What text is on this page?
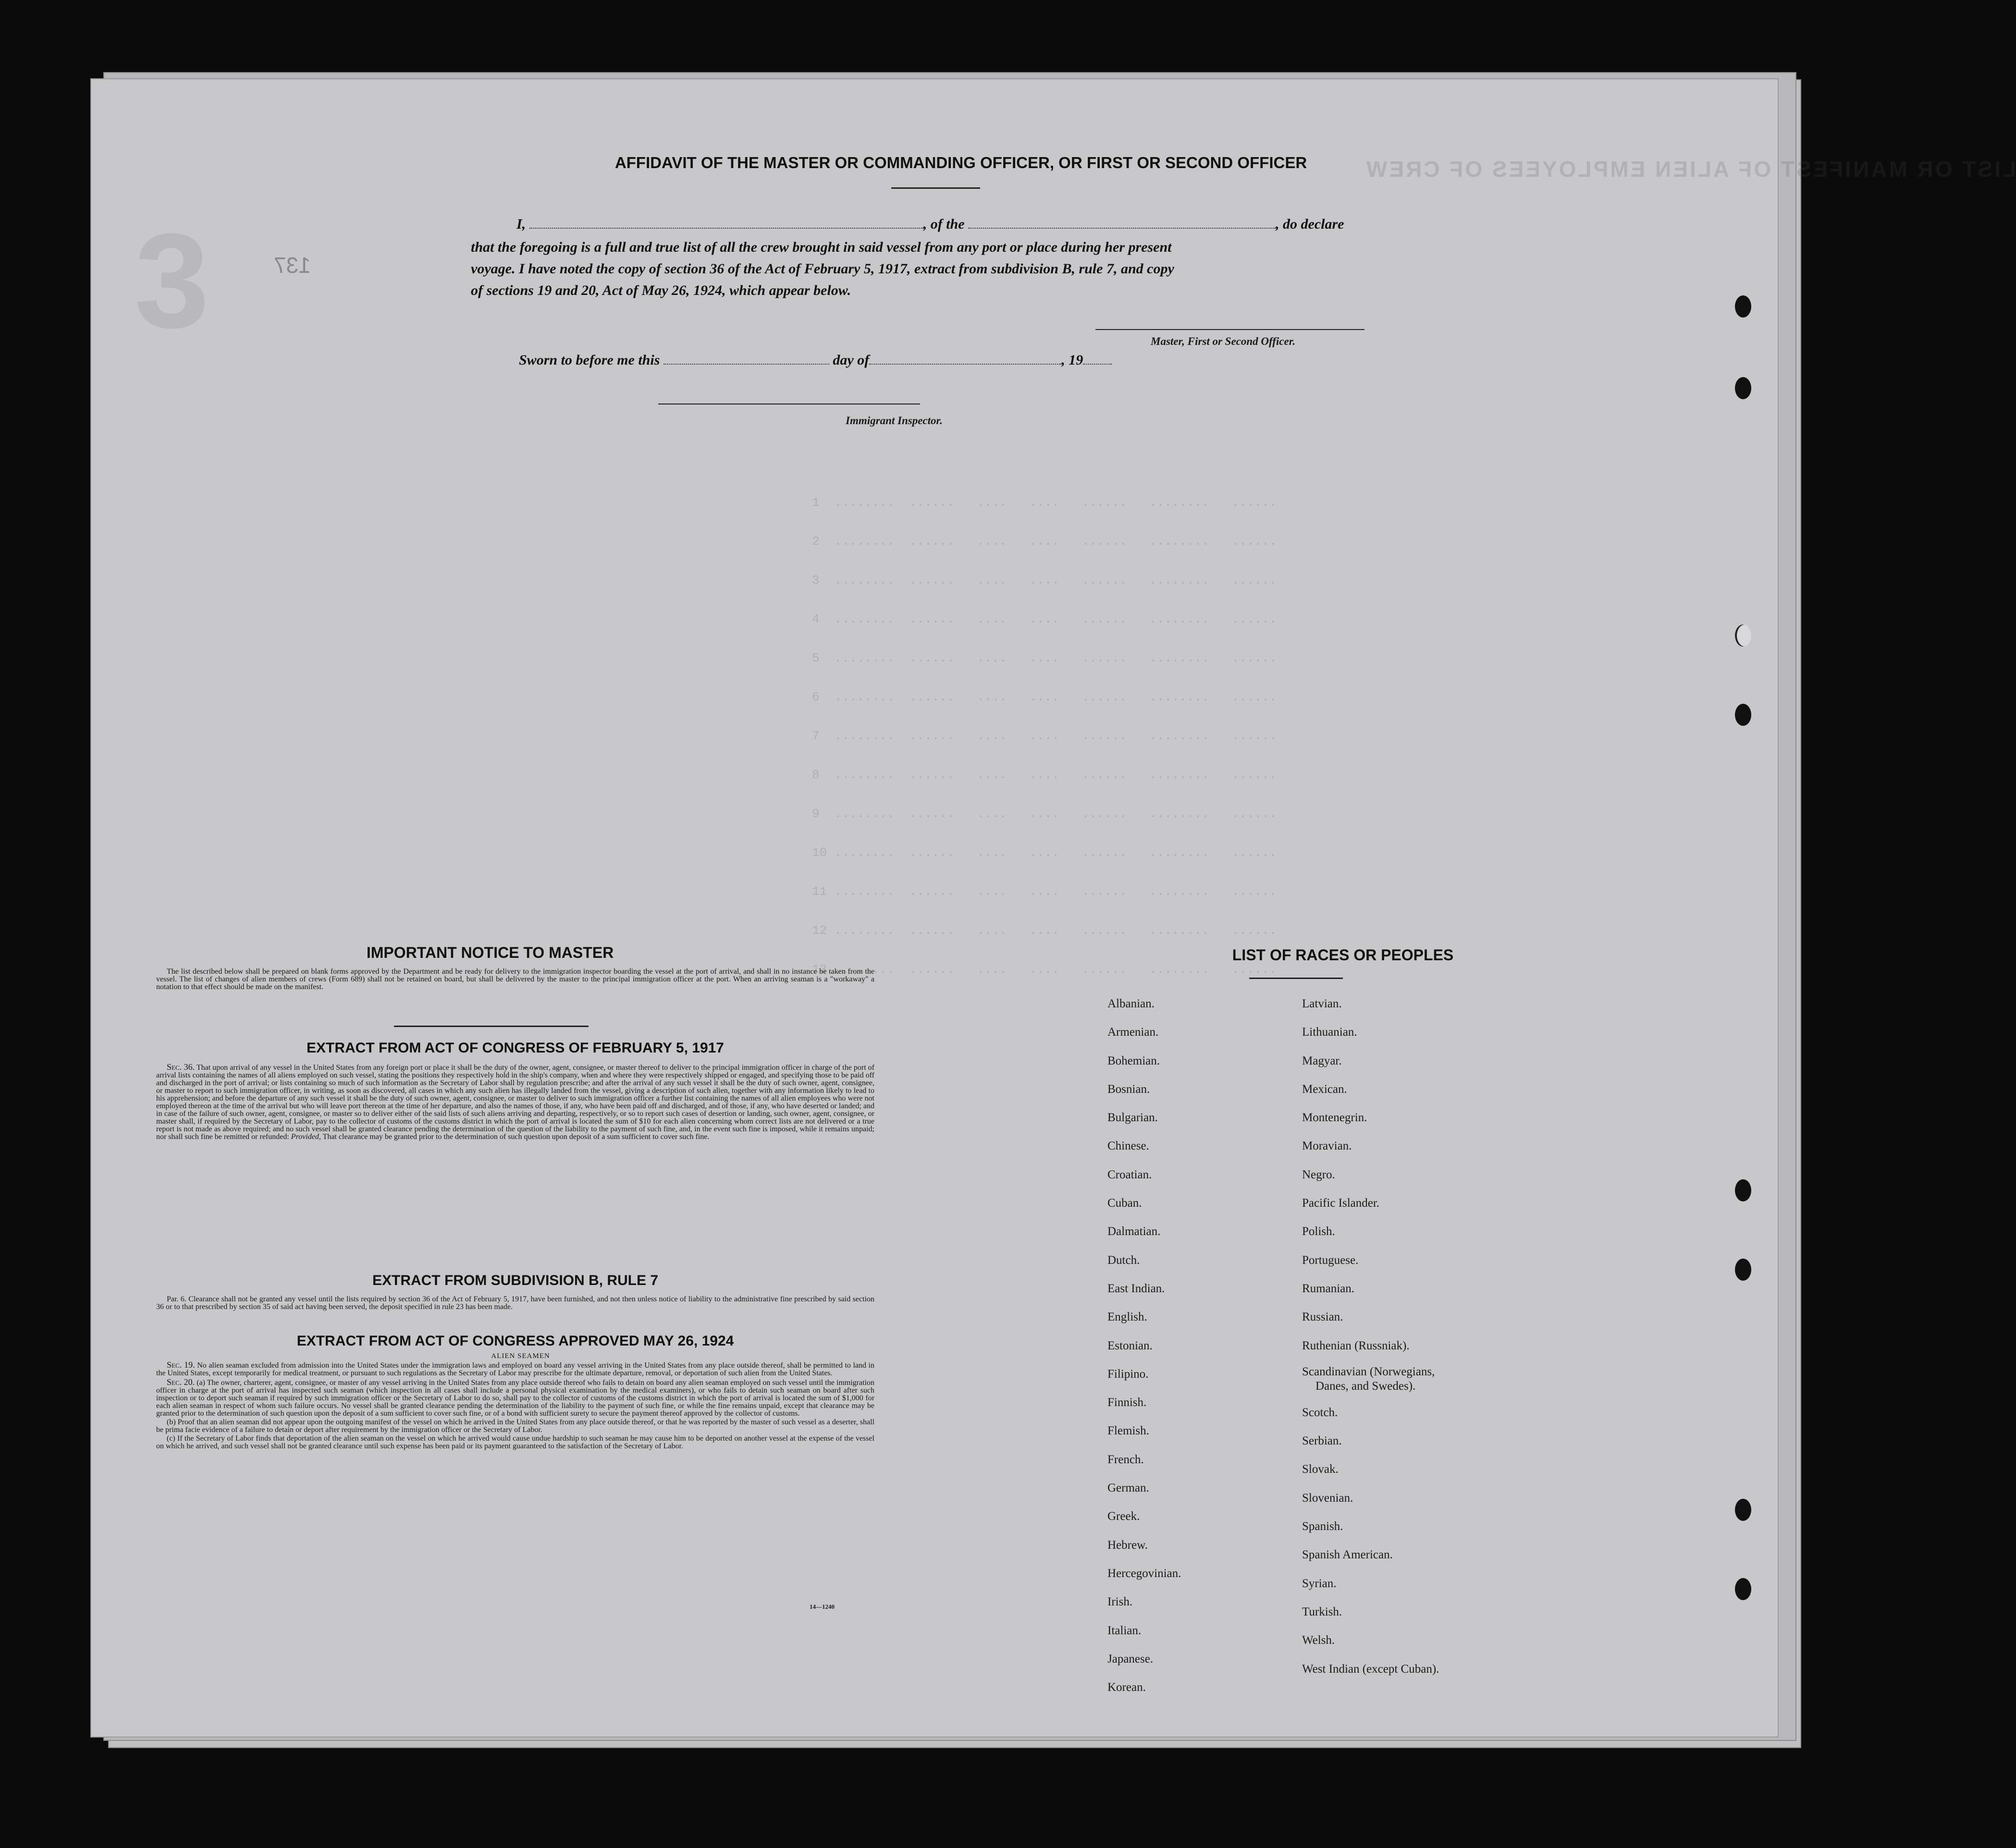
3	137
LIST OR MANIFEST OF ALIEN EMPLOYEES OF CREW

1  ........  ......   ....   ....   ......   ........   ......
2  ........  ......   ....   ....   ......   ........   ......
3  ........  ......   ....   ....   ......   ........   ......
4  ........  ......   ....   ....   ......   ........   ......
5  ........  ......   ....   ....   ......   ........   ......
6  ........  ......   ....   ....   ......   ........   ......
7  ........  ......   ....   ....   ......   ........   ......
8  ........  ......   ....   ....   ......   ........   ......
9  ........  ......   ....   ....   ......   ........   ......
10 ........  ......   ....   ....   ......   ........   ......
11 ........  ......   ....   ....   ......   ........   ......
12 ........  ......   ....   ....   ......   ........   ......
13 ........  ......   ....   ....   ......   ........   ......
AFFIDAVIT OF THE MASTER OR COMMANDING OFFICER, OR FIRST OR SECOND OFFICER
I,	, of the	, do declare
that the foregoing is a full and true list of all the crew brought in said vessel from any port or place during her present
voyage. I have noted the copy of section 36 of the Act of February 5, 1917, extract from subdivision B, rule 7, and copy
of sections 19 and 20, Act of May 26, 1924, which appear below.
Master, First or Second Officer.
Sworn to before me this	day of	, 19
Immigrant Inspector.
IMPORTANT NOTICE TO MASTER

The list described below shall be prepared on blank forms approved by the Department and be ready for delivery to the immigration inspector boarding the vessel at the port of arrival, and shall in no instance be taken from the vessel. The list of changes of alien members of crews (Form 689) shall not be retained on board, but shall be delivered by the master to the principal immigration officer at the port. When an arriving seaman is a "workaway" a notation to that effect should be made on the manifest.

EXTRACT FROM ACT OF CONGRESS OF FEBRUARY 5, 1917

Sec. 36. That upon arrival of any vessel in the United States from any foreign port or place it shall be the duty of the owner, agent, consignee, or master thereof to deliver to the principal immigration officer in charge of the port of arrival lists containing the names of all aliens employed on such vessel, stating the positions they respectively hold in the ship's company, when and where they were respectively shipped or engaged, and specifying those to be paid off and discharged in the port of arrival; or lists containing so much of such information as the Secretary of Labor shall by regulation prescribe; and after the arrival of any such vessel it shall be the duty of such owner, agent, consignee, or master to report to such immigration officer, in writing, as soon as discovered, all cases in which any such alien has illegally landed from the vessel, giving a description of such alien, together with any information likely to lead to his apprehension; and before the departure of any such vessel it shall be the duty of such owner, agent, consignee, or master to deliver to such immigration officer a further list containing the names of all alien employees who were not employed thereon at the time of the arrival but who will leave port thereon at the time of her departure, and also the names of those, if any, who have been paid off and discharged, and of those, if any, who have deserted or landed; and in case of the failure of such owner, agent, consignee, or master so to deliver either of the said lists of such aliens arriving and departing, respectively, or so to report such cases of desertion or landing, such owner, agent, consignee, or master shall, if required by the Secretary of Labor, pay to the collector of customs of the customs district in which the port of arrival is located the sum of $10 for each alien concerning whom correct lists are not delivered or a true report is not made as above required; and no such vessel shall be granted clearance pending the determination of the question of the liability to the payment of such fine, and, in the event such fine is imposed, while it remains unpaid; nor shall such fine be remitted or refunded: Provided, That clearance may be granted prior to the determination of such question upon deposit of a sum sufficient to cover such fine.

EXTRACT FROM SUBDIVISION B, RULE 7

Par. 6. Clearance shall not be granted any vessel until the lists required by section 36 of the Act of February 5, 1917, have been furnished, and not then unless notice of liability to the administrative fine prescribed by said section 36 or to that prescribed by section 35 of said act having been served, the deposit specified in rule 23 has been made.

EXTRACT FROM ACT OF CONGRESS APPROVED MAY 26, 1924

ALIEN SEAMEN

Sec. 19. No alien seaman excluded from admission into the United States under the immigration laws and employed on board any vessel arriving in the United States from any place outside thereof, shall be permitted to land in the United States, except temporarily for medical treatment, or pursuant to such regulations as the Secretary of Labor may prescribe for the ultimate departure, removal, or deportation of such alien from the United States.

Sec. 20. (a) The owner, charterer, agent, consignee, or master of any vessel arriving in the United States from any place outside thereof who fails to detain on board any alien seaman employed on such vessel until the immigration officer in charge at the port of arrival has inspected such seaman (which inspection in all cases shall include a personal physical examination by the medical examiners), or who fails to detain such seaman on board after such inspection or to deport such seaman if required by such immigration officer or the Secretary of Labor to do so, shall pay to the collector of customs of the customs district in which the port of arrival is located the sum of $1,000 for each alien seaman in respect of whom such failure occurs. No vessel shall be granted clearance pending the determination of the liability to the payment of such fine, or while the fine remains unpaid, except that clearance may be granted prior to the determination of such question upon the deposit of a sum sufficient to cover such fine, or of a bond with sufficient surety to secure the payment thereof approved by the collector of customs.

(b) Proof that an alien seaman did not appear upon the outgoing manifest of the vessel on which he arrived in the United States from any place outside thereof, or that he was reported by the master of such vessel as a deserter, shall be prima facie evidence of a failure to detain or deport after requirement by the immigration officer or the Secretary of Labor.

(c) If the Secretary of Labor finds that deportation of the alien seaman on the vessel on which he arrived would cause undue hardship to such seaman he may cause him to be deported on another vessel at the expense of the vessel on which he arrived, and such vessel shall not be granted clearance until such expense has been paid or its payment guaranteed to the satisfaction of the Secretary of Labor.

14—1240
LIST OF RACES OR PEOPLES
Albanian.
Armenian.
Bohemian.
Bosnian.
Bulgarian.
Chinese.
Croatian.
Cuban.
Dalmatian.
Dutch.
East Indian.
English.
Estonian.
Filipino.
Finnish.
Flemish.
French.
German.
Greek.
Hebrew.
Hercegovinian.
Irish.
Italian.
Japanese.
Korean.
Latvian.
Lithuanian.
Magyar.
Mexican.
Montenegrin.
Moravian.
Negro.
Pacific Islander.
Polish.
Portuguese.
Rumanian.
Russian.
Ruthenian (Russniak).
Scandinavian (Norwegians,
Danes, and Swedes).
Scotch.
Serbian.
Slovak.
Slovenian.
Spanish.
Spanish American.
Syrian.
Turkish.
Welsh.
West Indian (except Cuban).
